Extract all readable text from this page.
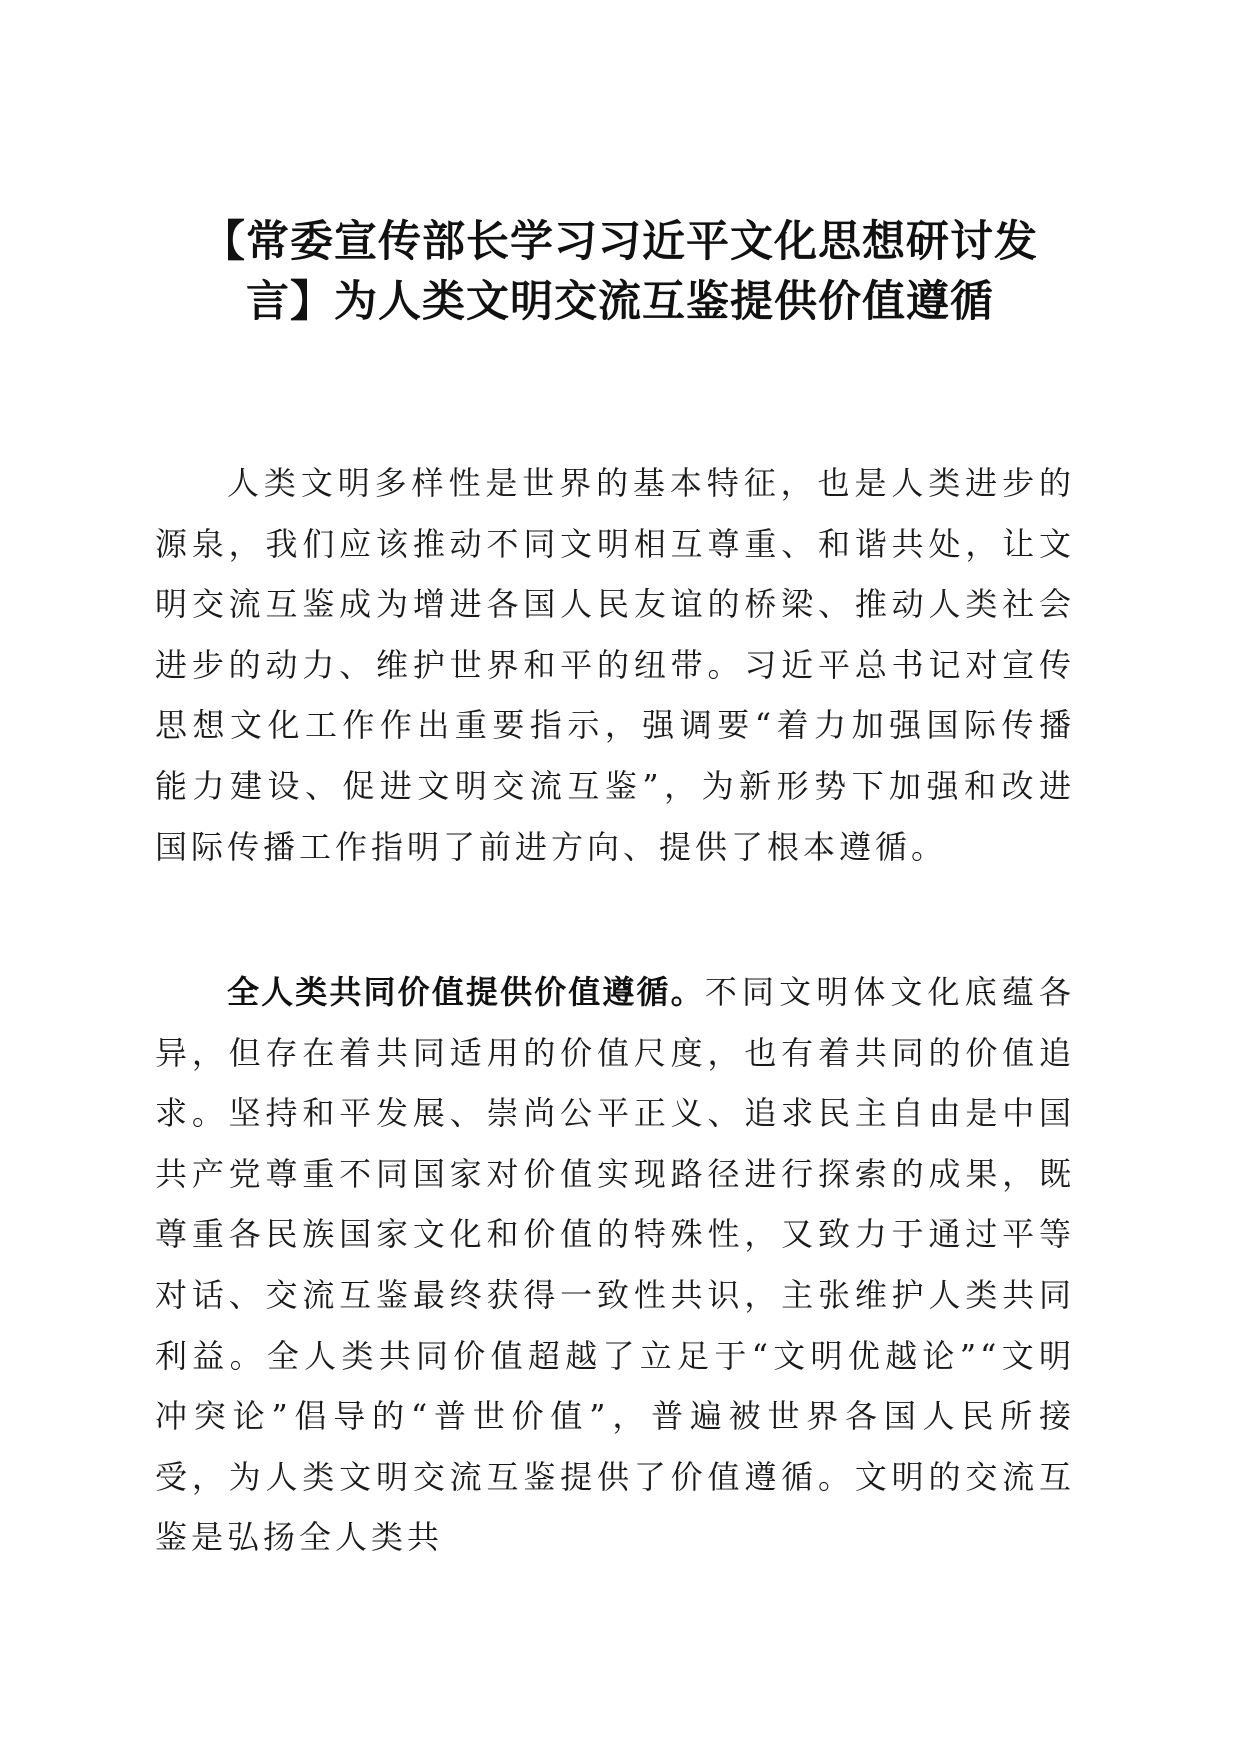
【常委宣传部长学习习近平文化思想研讨发
言】为人类文明交流互鉴提供价值遵循

人类文明多样性是世界的基本特征，也是人类进步的源泉，我们应该推动不同文明相互尊重、和谐共处，让文明交流互鉴成为增进各国人民友谊的桥梁、推动人类社会进步的动力、维护世界和平的纽带。习近平总书记对宣传思想文化工作作出重要指示，强调要“着力加强国际传播能力建设、促进文明交流互鉴”，为新形势下加强和改进国际传播工作指明了前进方向、提供了根本遵循。

全人类共同价值提供价值遵循。不同文明体文化底蕴各异，但存在着共同适用的价值尺度，也有着共同的价值追求。坚持和平发展、崇尚公平正义、追求民主自由是中国共产党尊重不同国家对价值实现路径进行探索的成果，既尊重各民族国家文化和价值的特殊性，又致力于通过平等对话、交流互鉴最终获得一致性共识，主张维护人类共同利益。全人类共同价值超越了立足于“文明优越论”“文明冲突论”倡导的“普世价值”，普遍被世界各国人民所接受，为人类文明交流互鉴提供了价值遵循。文明的交流互鉴是弘扬全人类共
